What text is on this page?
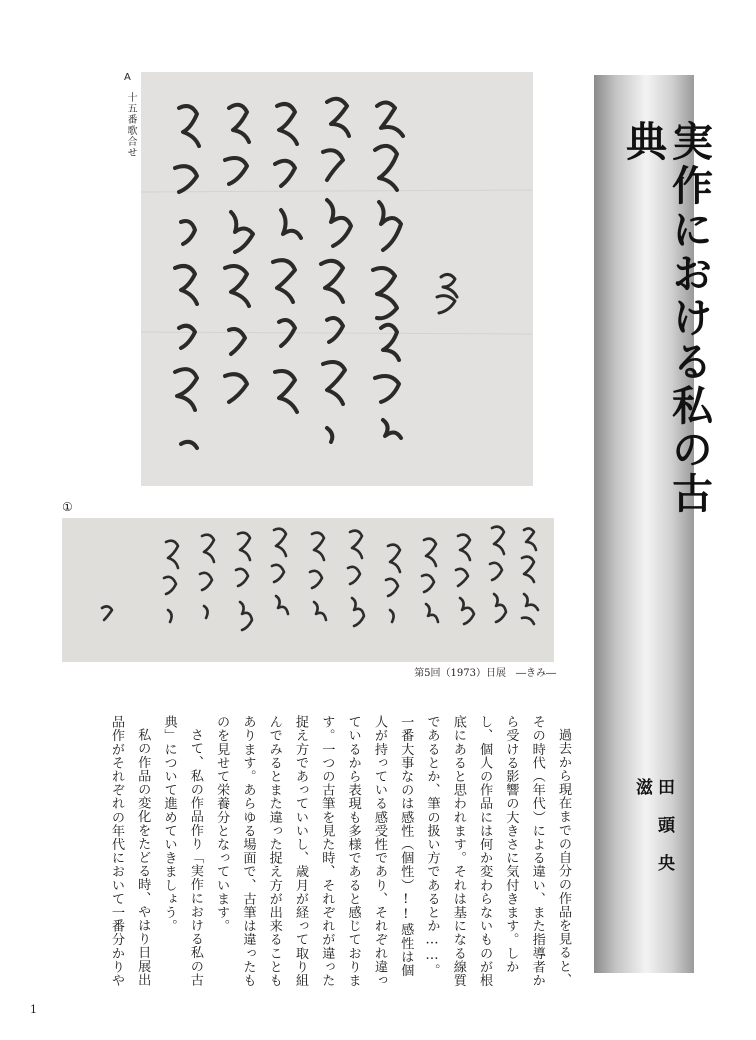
A
十五番歌合せ
①
第5回（1973）日展 ―きみ―
実作における私の古典
田頭央滋

過去から現在までの自分の作品を見ると、その時代（年代）による違い、また指導者から受ける影響の大きさに気付きます。しかし、個人の作品には何か変わらないものが根底にあると思われます。それは基になる線質であるとか、筆の扱い方であるとか……。一番大事なのは感性（個性）!!感性は個人が持っている感受性であり、それぞれ違っているから表現も多様であると感じております。一つの古筆を見た時、それぞれが違った捉え方であっていいし、歳月が経って取り組んでみるとまた違った捉え方が出来ることもあります。あらゆる場面で、古筆は違ったものを見せて栄養分となっています。

さて、私の作品作り「実作における私の古典」について進めていきましょう。

私の作品の変化をたどる時、やはり日展出品作がそれぞれの年代において一番分かりや

1
